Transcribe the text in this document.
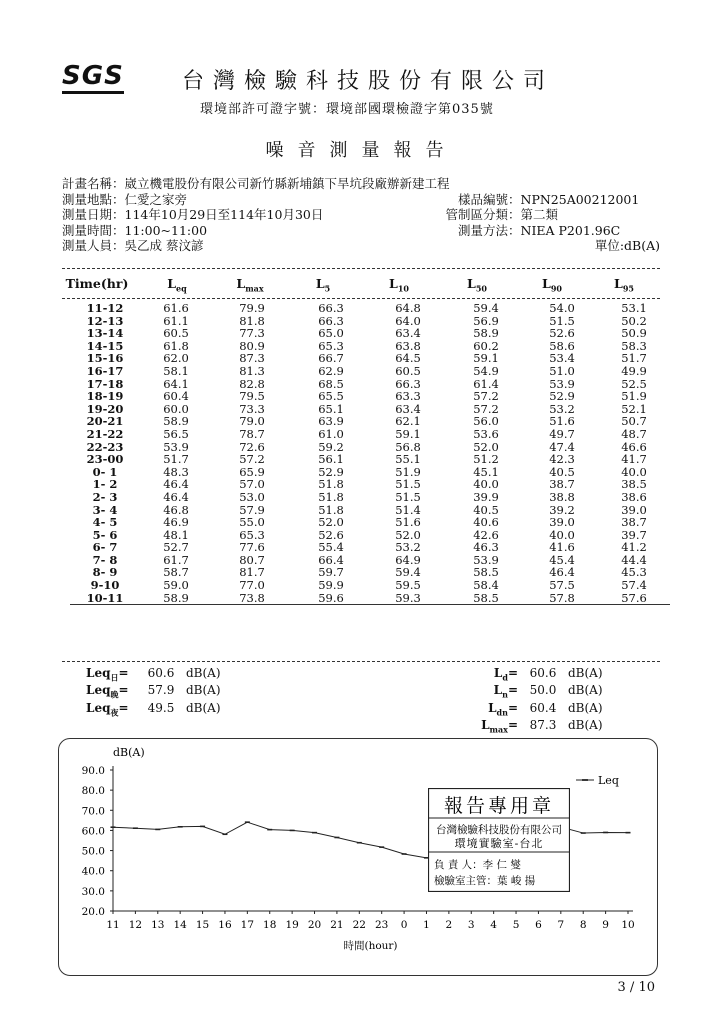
SGS	台灣檢驗科技股份有限公司
環境部許可證字號：環境部國環檢證字第035號
噪音測量報告
計畫名稱：崴立機電股份有限公司新竹縣新埔鎮下旱坑段廠辦新建工程
測量地點：仁愛之家旁
測量日期：114年10月29日至114年10月30日
測量時間：11:00~11:00
測量人員：吳乙成 蔡汶諺
樣品編號：NPN25A00212001
管制區分類：第二類
測量方法：NIEA P201.96C
單位:dB(A)
Time(hr)	$L_{eq}$	$L_{max}$	$L_5$	$L_{10}$	$L_{50}$	$L_{90}$	$L_{95}$
11-12	61.6	79.9	66.3	64.8	59.4	54.0	53.1
12-13	61.1	81.8	66.3	64.0	56.9	51.5	50.2
13-14	60.5	77.3	65.0	63.4	58.9	52.6	50.9
14-15	61.8	80.9	65.3	63.8	60.2	58.6	58.3
15-16	62.0	87.3	66.7	64.5	59.1	53.4	51.7
16-17	58.1	81.3	62.9	60.5	54.9	51.0	49.9
17-18	64.1	82.8	68.5	66.3	61.4	53.9	52.5
18-19	60.4	79.5	65.5	63.3	57.2	52.9	51.9
19-20	60.0	73.3	65.1	63.4	57.2	53.2	52.1
20-21	58.9	79.0	63.9	62.1	56.0	51.6	50.7
21-22	56.5	78.7	61.0	59.1	53.6	49.7	48.7
22-23	53.9	72.6	59.2	56.8	52.0	47.4	46.6
23-00	51.7	57.2	56.1	55.1	51.2	42.3	41.7
0- 1	48.3	65.9	52.9	51.9	45.1	40.5	40.0
1- 2	46.4	57.0	51.8	51.5	40.0	38.7	38.5
2- 3	46.4	53.0	51.8	51.5	39.9	38.8	38.6
3- 4	46.8	57.9	51.8	51.4	40.5	39.2	39.0
4- 5	46.9	55.0	52.0	51.6	40.6	39.0	38.7
5- 6	48.1	65.3	52.6	52.0	42.6	40.0	39.7
6- 7	52.7	77.6	55.4	53.2	46.3	41.6	41.2
7- 8	61.7	80.7	66.4	64.9	53.9	45.4	44.4
8- 9	58.7	81.7	59.7	59.4	58.5	46.4	45.3
9-10	59.0	77.0	59.9	59.5	58.4	57.5	57.4
10-11	58.9	73.8	59.6	59.3	58.5	57.8	57.6
Leq$_日$= 60.6 dB(A)
Leq$_晚$= 57.9 dB(A)
Leq$_夜$= 49.5 dB(A)
$L_d= 60.6$ dB(A)
$L_n= 50.0$ dB(A)
$L_{dn}= 60.4$ dB(A)
$L_{max}= 87.3$ dB(A)
dB(A)
90.0
80.0
70.0
60.0
50.0
40.0
30.0
20.0
11 12 13 14 15 16 17 18 19 20 21 22 23 0 1 2 3 4 5 6 7 8 9 10
時間(hour)
Leq
報告專用章
台灣檢驗科技股份有限公司
環境實驗室-台北
負 責 人：李 仁 燮
檢驗室主管：葉 峻 揚
3 / 10
